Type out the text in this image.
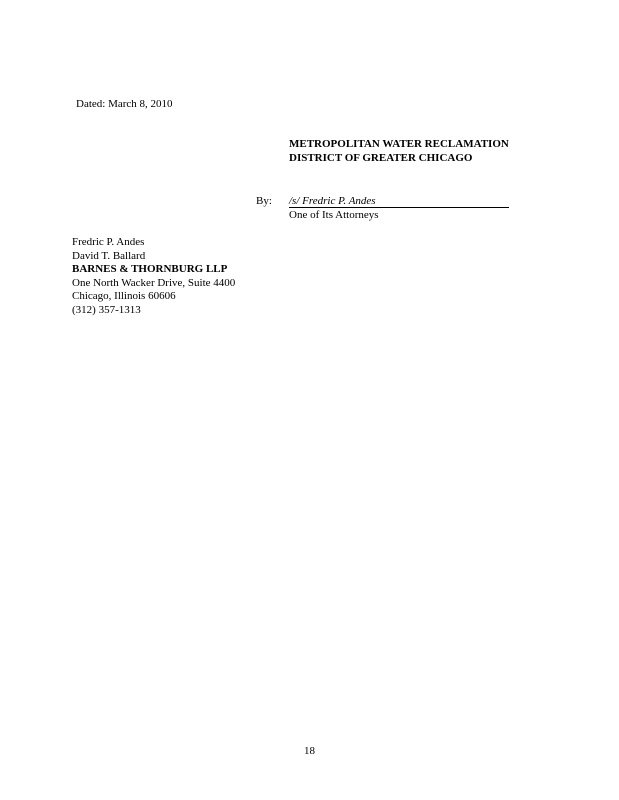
Dated: March 8, 2010
METROPOLITAN WATER RECLAMATION
DISTRICT OF GREATER CHICAGO
By: /s/ Fredric P. Andes
One of Its Attorneys
Fredric P. Andes
David T. Ballard
BARNES & THORNBURG LLP
One North Wacker Drive, Suite 4400
Chicago, Illinois 60606
(312) 357-1313
18
